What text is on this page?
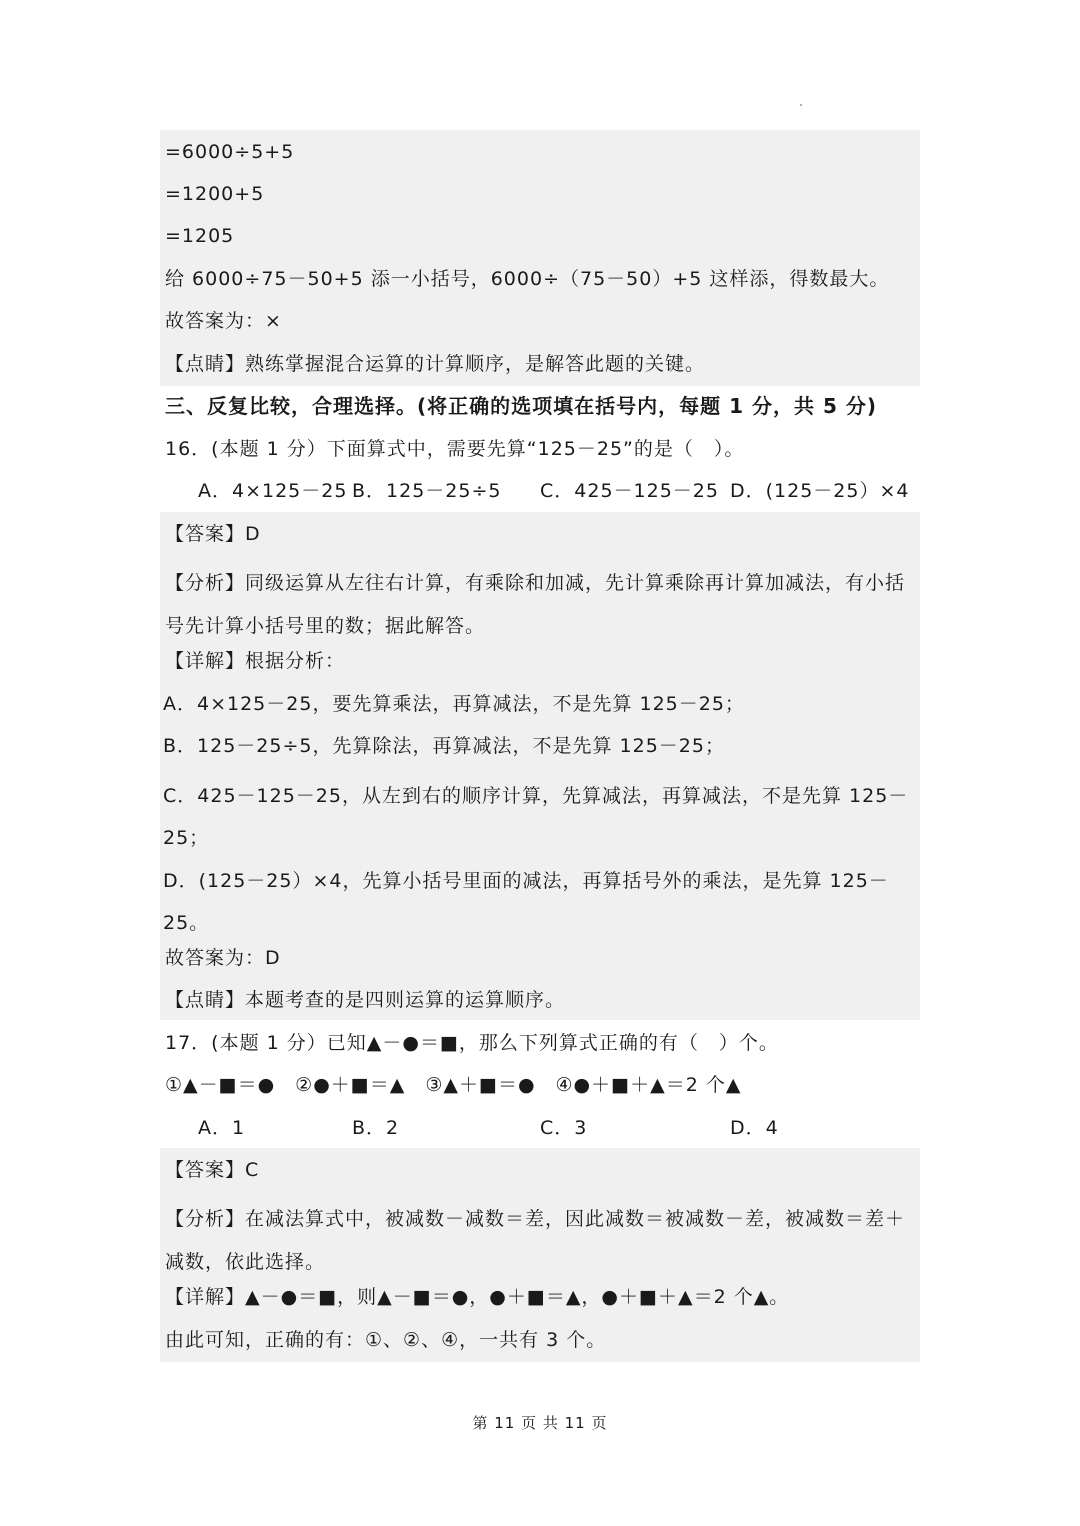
=6000÷5+5
=1200+5
=1205
给 6000÷75－50+5 添一小括号，6000÷（75－50）+5 这样添，得数最大。
故答案为：×
【点睛】熟练掌握混合运算的计算顺序，是解答此题的关键。
三、反复比较，合理选择。(将正确的选项填在括号内，每题 1 分，共 5 分)
16．(本题 1 分）下面算式中，需要先算“125－25”的是（　）。
A．4×125－25 B．125－25÷5 C．425－125－25 D．(125－25）×4
【答案】D
【分析】同级运算从左往右计算，有乘除和加减，先计算乘除再计算加减法，有小括号先计算小括号里的数；据此解答。
【详解】根据分析：
A．4×125－25，要先算乘法，再算减法，不是先算 125－25；
B．125－25÷5，先算除法，再算减法，不是先算 125－25；
C．425－125－25，从左到右的顺序计算，先算减法，再算减法，不是先算 125－25；
D．(125－25）×4，先算小括号里面的减法，再算括号外的乘法，是先算 125－25。
故答案为：D
【点睛】本题考查的是四则运算的运算顺序。
17．(本题 1 分）已知▲－●＝■，那么下列算式正确的有（　）个。
①▲－■＝●　②●＋■＝▲　③▲＋■＝●　④●＋■＋▲＝2 个▲
A．1	B．2	C．3	D．4
【答案】C
【分析】在减法算式中，被减数－减数＝差，因此减数＝被减数－差，被减数＝差＋减数，依此选择。
【详解】▲－●＝■，则▲－■＝●，●＋■＝▲，●＋■＋▲＝2 个▲。
由此可知，正确的有：①、②、④，一共有 3 个。
第 11 页 共 11 页
